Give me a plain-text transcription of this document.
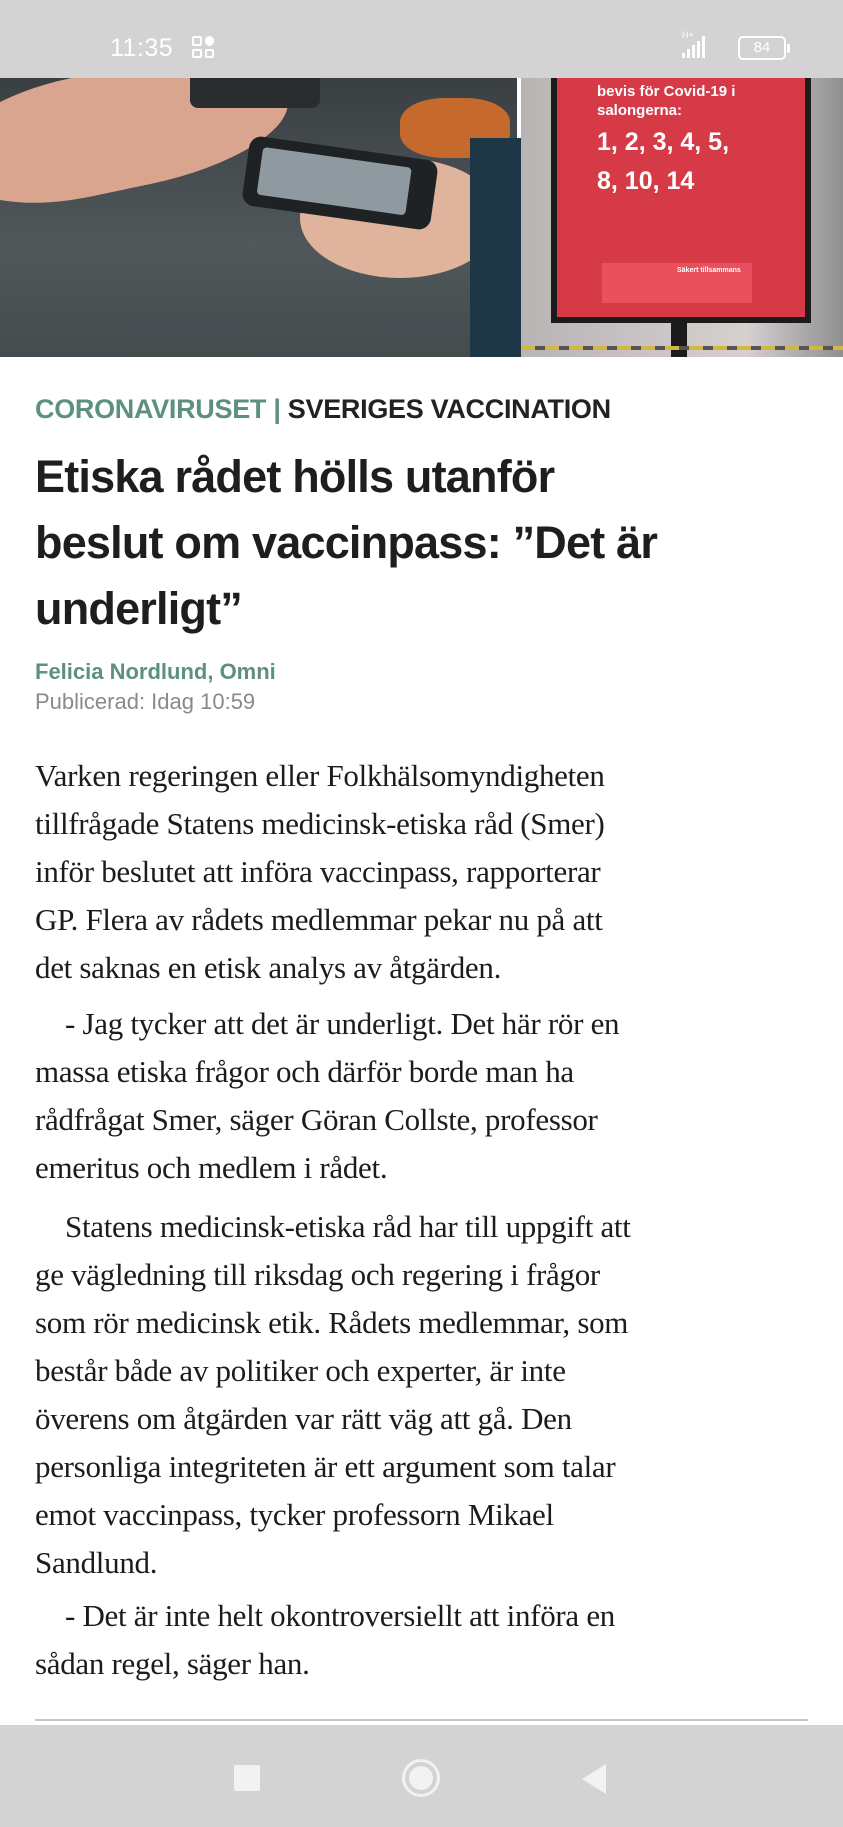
11:35	H+
84
bevis för Covid-19 i
salongerna:
1, 2, 3, 4, 5,
8, 10, 14
Säkert tillsammans
CORONAVIRUSET | SVERIGES VACCINATION
Etiska rådet hölls utanför
beslut om vaccinpass: ”Det är
underligt”
Felicia Nordlund, Omni
Publicerad: Idag 10:59
Varken regeringen eller Folkhälsomyndigheten
tillfrågade Statens medicinsk-etiska råd (Smer)
inför beslutet att införa vaccinpass, rapporterar
GP. Flera av rådets medlemmar pekar nu på att
det saknas en etisk analys av åtgärden.
- Jag tycker att det är underligt. Det här rör en
massa etiska frågor och därför borde man ha
rådfrågat Smer, säger Göran Collste, professor
emeritus och medlem i rådet.
Statens medicinsk-etiska råd har till uppgift att
ge vägledning till riksdag och regering i frågor
som rör medicinsk etik. Rådets medlemmar, som
består både av politiker och experter, är inte
överens om åtgärden var rätt väg att gå. Den
personliga integriteten är ett argument som talar
emot vaccinpass, tycker professorn Mikael
Sandlund.
- Det är inte helt okontroversiellt att införa en
sådan regel, säger han.
